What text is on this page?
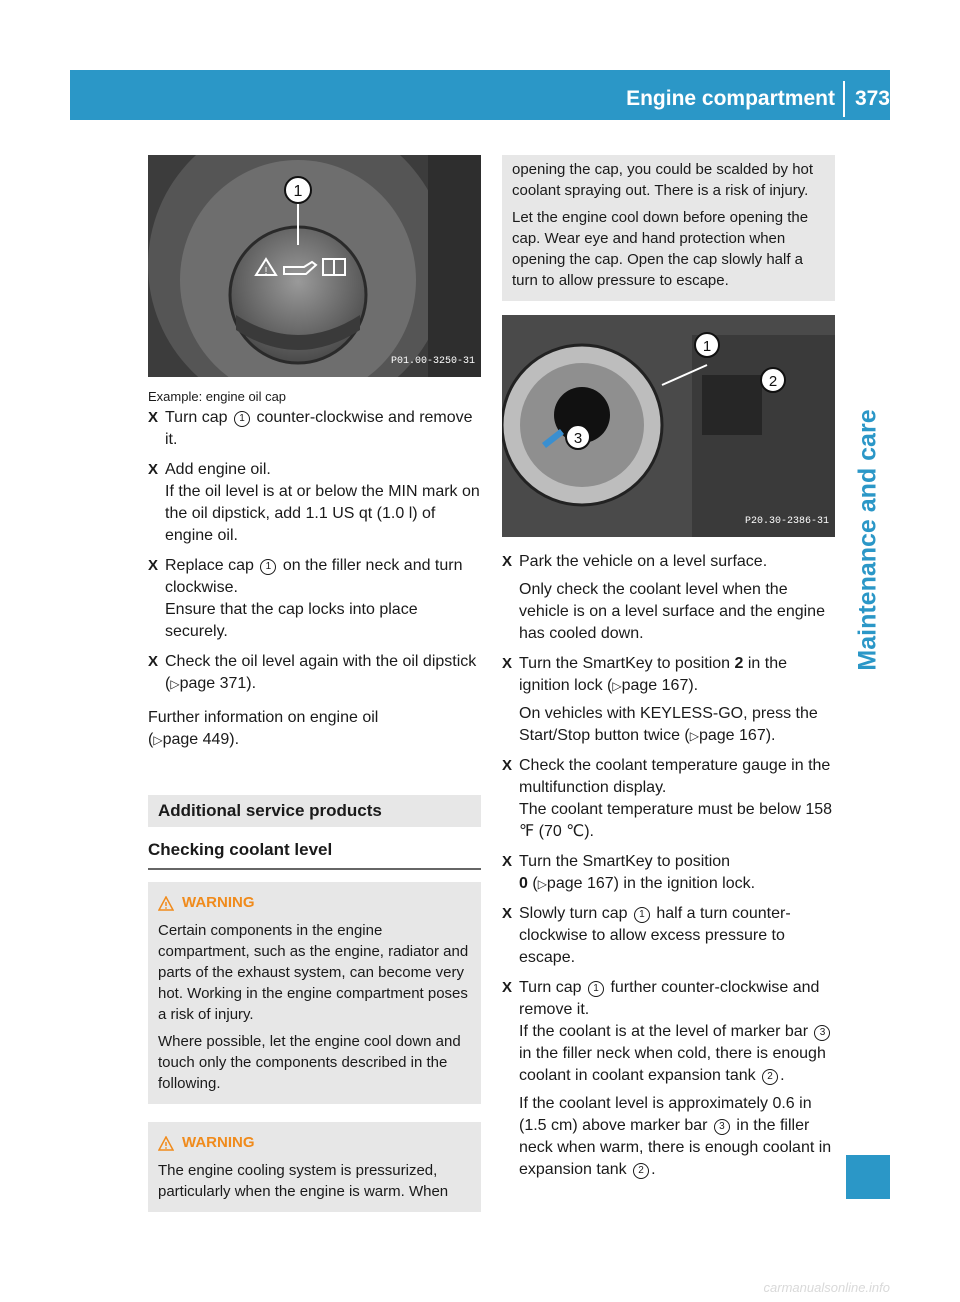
Engine compartment 373
Maintenance and care
1
!
P01.00-3250-31
Example: engine oil cap
X Turn cap 1 counter-clockwise and remove it.

X Add engine oil.
If the oil level is at or below the MIN mark on the oil dipstick, add 1.1 US qt (1.0 l) of engine oil.

X Replace cap 1 on the filler neck and turn clockwise.
Ensure that the cap locks into place securely.

X Check the oil level again with the oil dipstick (▷page 371).

Further information on engine oil
(▷page 449).
Additional service products
Checking coolant level
WARNING

Certain components in the engine compartment, such as the engine, radiator and parts of the exhaust system, can become very hot. Working in the engine compartment poses a risk of injury.

Where possible, let the engine cool down and touch only the components described in the following.

WARNING

The engine cooling system is pressurized, particularly when the engine is warm. When

opening the cap, you could be scalded by hot coolant spraying out. There is a risk of injury.

Let the engine cool down before opening the cap. Wear eye and hand protection when opening the cap. Open the cap slowly half a turn to allow pressure to escape.

1
2
3
P20.30-2386-31
X Park the vehicle on a level surface.

Only check the coolant level when the vehicle is on a level surface and the engine has cooled down.

X Turn the SmartKey to position 2 in the ignition lock (▷page 167).

On vehicles with KEYLESS-GO, press the Start/Stop button twice (▷page 167).

X Check the coolant temperature gauge in the multifunction display.
The coolant temperature must be below 158 ℉ (70 ℃).

X Turn the SmartKey to position
0 (▷page 167) in the ignition lock.

X Slowly turn cap 1 half a turn counter-clockwise to allow excess pressure to escape.

X Turn cap 1 further counter-clockwise and remove it.
If the coolant is at the level of marker bar 3 in the filler neck when cold, there is enough coolant in coolant expansion tank 2 .

If the coolant level is approximately 0.6 in (1.5 cm) above marker bar 3 in the filler neck when warm, there is enough coolant in expansion tank 2 .

carmanualsonline.info
